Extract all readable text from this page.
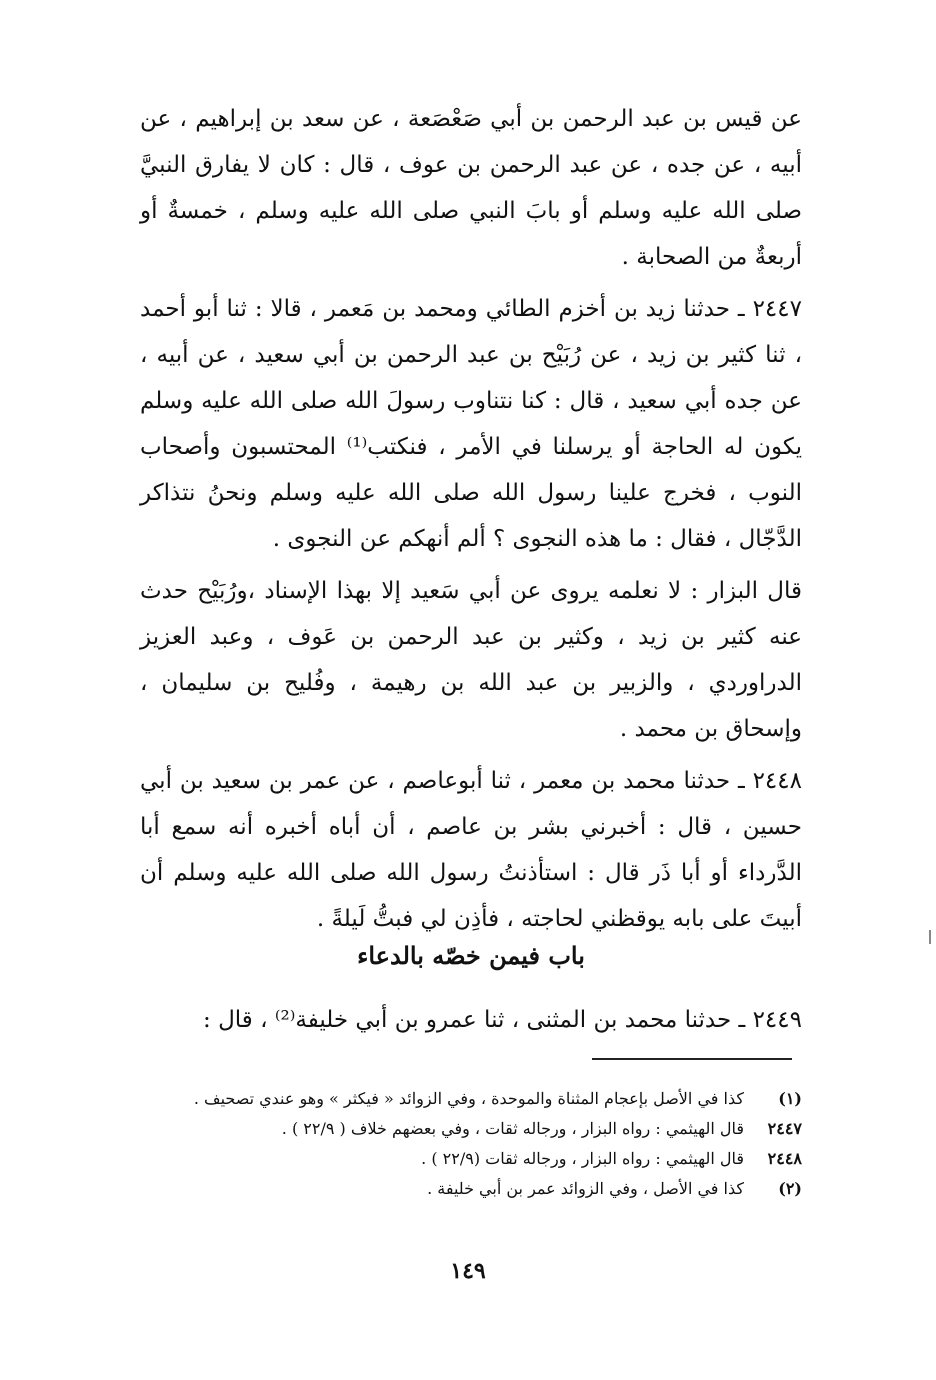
عن قيس بن عبد الرحمن بن أبي صَعْصَعة ، عن سعد بن إبراهيم ، عن أبيه ، عن جده ، عن عبد الرحمن بن عوف ، قال : كان لا يفارق النبيَّ صلى الله عليه وسلم أو بابَ النبي صلى الله عليه وسلم ، خمسةٌ أو أربعةٌ من الصحابة .

٢٤٤٧ ـ حدثنا زيد بن أخزم الطائي ومحمد بن مَعمر ، قالا : ثنا أبو أحمد ، ثنا كثير بن زيد ، عن رُبَيْح بن عبد الرحمن بن أبي سعيد ، عن أبيه ، عن جده أبي سعيد ، قال : كنا نتناوب رسولَ الله صلى الله عليه وسلم يكون له الحاجة أو يرسلنا في الأمر ، فنكتب⁽¹⁾ المحتسبون وأصحاب النوب ، فخرج علينا رسول الله صلى الله عليه وسلم ونحنُ نتذاكر الدَّجّال ، فقال : ما هذه النجوى ؟ ألم أنهكم عن النجوى .

قال البزار : لا نعلمه يروى عن أبي سَعيد إلا بهذا الإسناد ،ورُبَيْح حدث عنه كثير بن زيد ، وكثير بن عبد الرحمن بن عَوف ، وعبد العزيز الدراوردي ، والزبير بن عبد الله بن رهيمة ، وفُليح بن سليمان ، وإسحاق بن محمد .

٢٤٤٨ ـ حدثنا محمد بن معمر ، ثنا أبوعاصم ، عن عمر بن سعيد بن أبي حسين ، قال : أخبرني بشر بن عاصم ، أن أباه أخبره أنه سمع أبا الدَّرداء أو أبا ذَر قال : استأذنتُ رسول الله صلى الله عليه وسلم أن أبيتَ على بابه يوقظني لحاجته ، فأذِن لي فبتُّ لَيلةً .

باب فيمن خصّه بالدعاء
٢٤٤٩ ـ حدثنا محمد بن المثنى ، ثنا عمرو بن أبي خليفة⁽²⁾ ، قال :
(١)
كذا في الأصل بإعجام المثناة والموحدة ، وفي الزوائد « فيكثر » وهو عندي تصحيف .
٢٤٤٧
قال الهيثمي : رواه البزار ، ورجاله ثقات ، وفي بعضهم خلاف ( ٢٢/٩ ) .
٢٤٤٨
قال الهيثمي : رواه البزار ، ورجاله ثقات (٢٢/٩ ) .
(٢)
كذا في الأصل ، وفي الزوائد عمر بن أبي خليفة .
١٤٩
